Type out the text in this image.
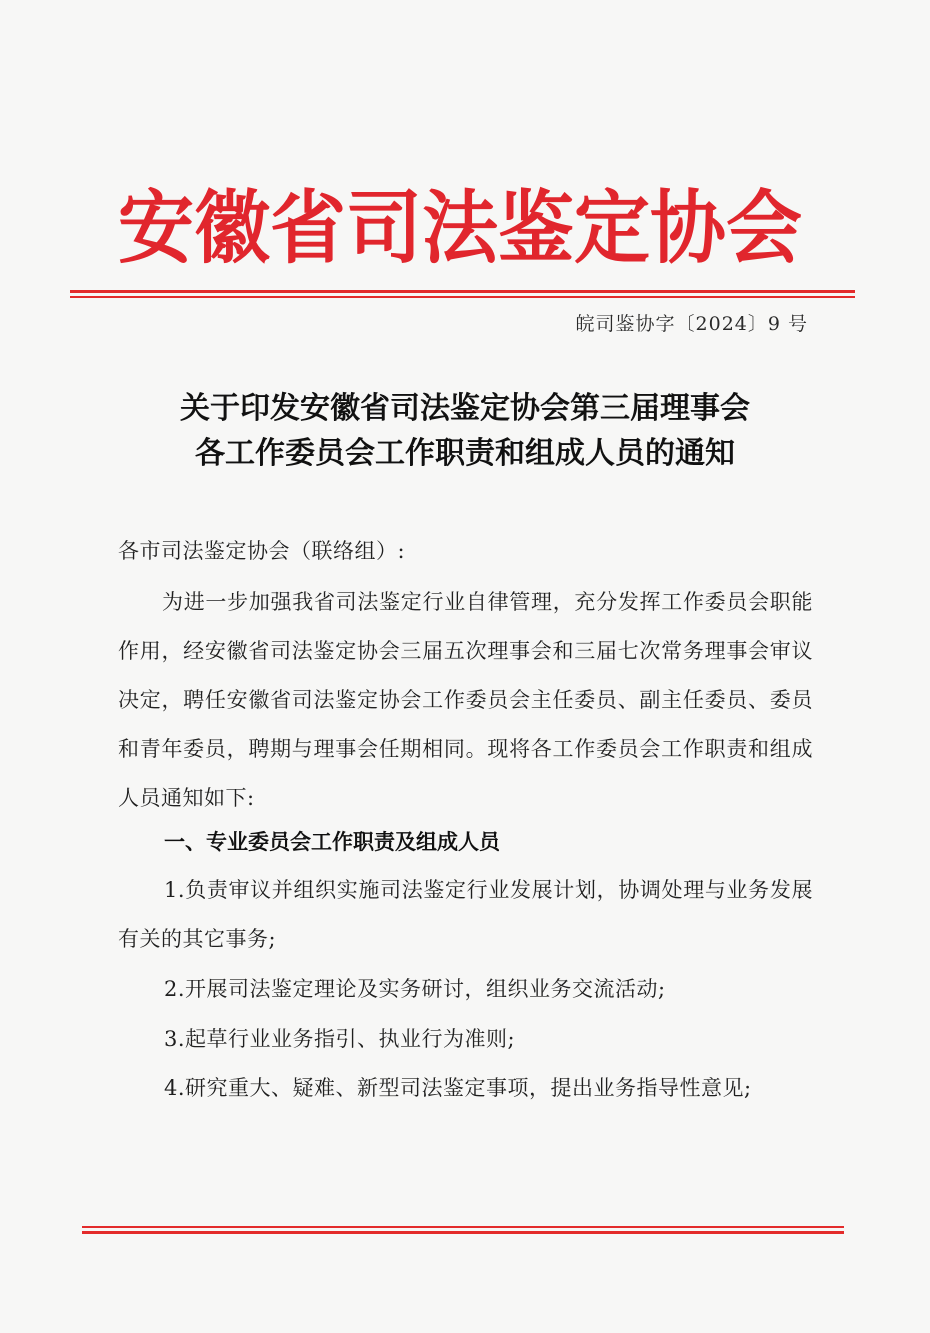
安徽省司法鉴定协会
皖司鉴协字〔2024〕9 号
关于印发安徽省司法鉴定协会第三届理事会
各工作委员会工作职责和组成人员的通知
各市司法鉴定协会（联络组）:
为进一步加强我省司法鉴定行业自律管理，充分发挥工作委员会职能作用，经安徽省司法鉴定协会三届五次理事会和三届七次常务理事会审议决定，聘任安徽省司法鉴定协会工作委员会主任委员、副主任委员、委员和青年委员，聘期与理事会任期相同。现将各工作委员会工作职责和组成人员通知如下:
一、专业委员会工作职责及组成人员
1.负责审议并组织实施司法鉴定行业发展计划，协调处理与业务发展有关的其它事务;
2.开展司法鉴定理论及实务研讨，组织业务交流活动;
3.起草行业业务指引、执业行为准则;
4.研究重大、疑难、新型司法鉴定事项，提出业务指导性意见;
